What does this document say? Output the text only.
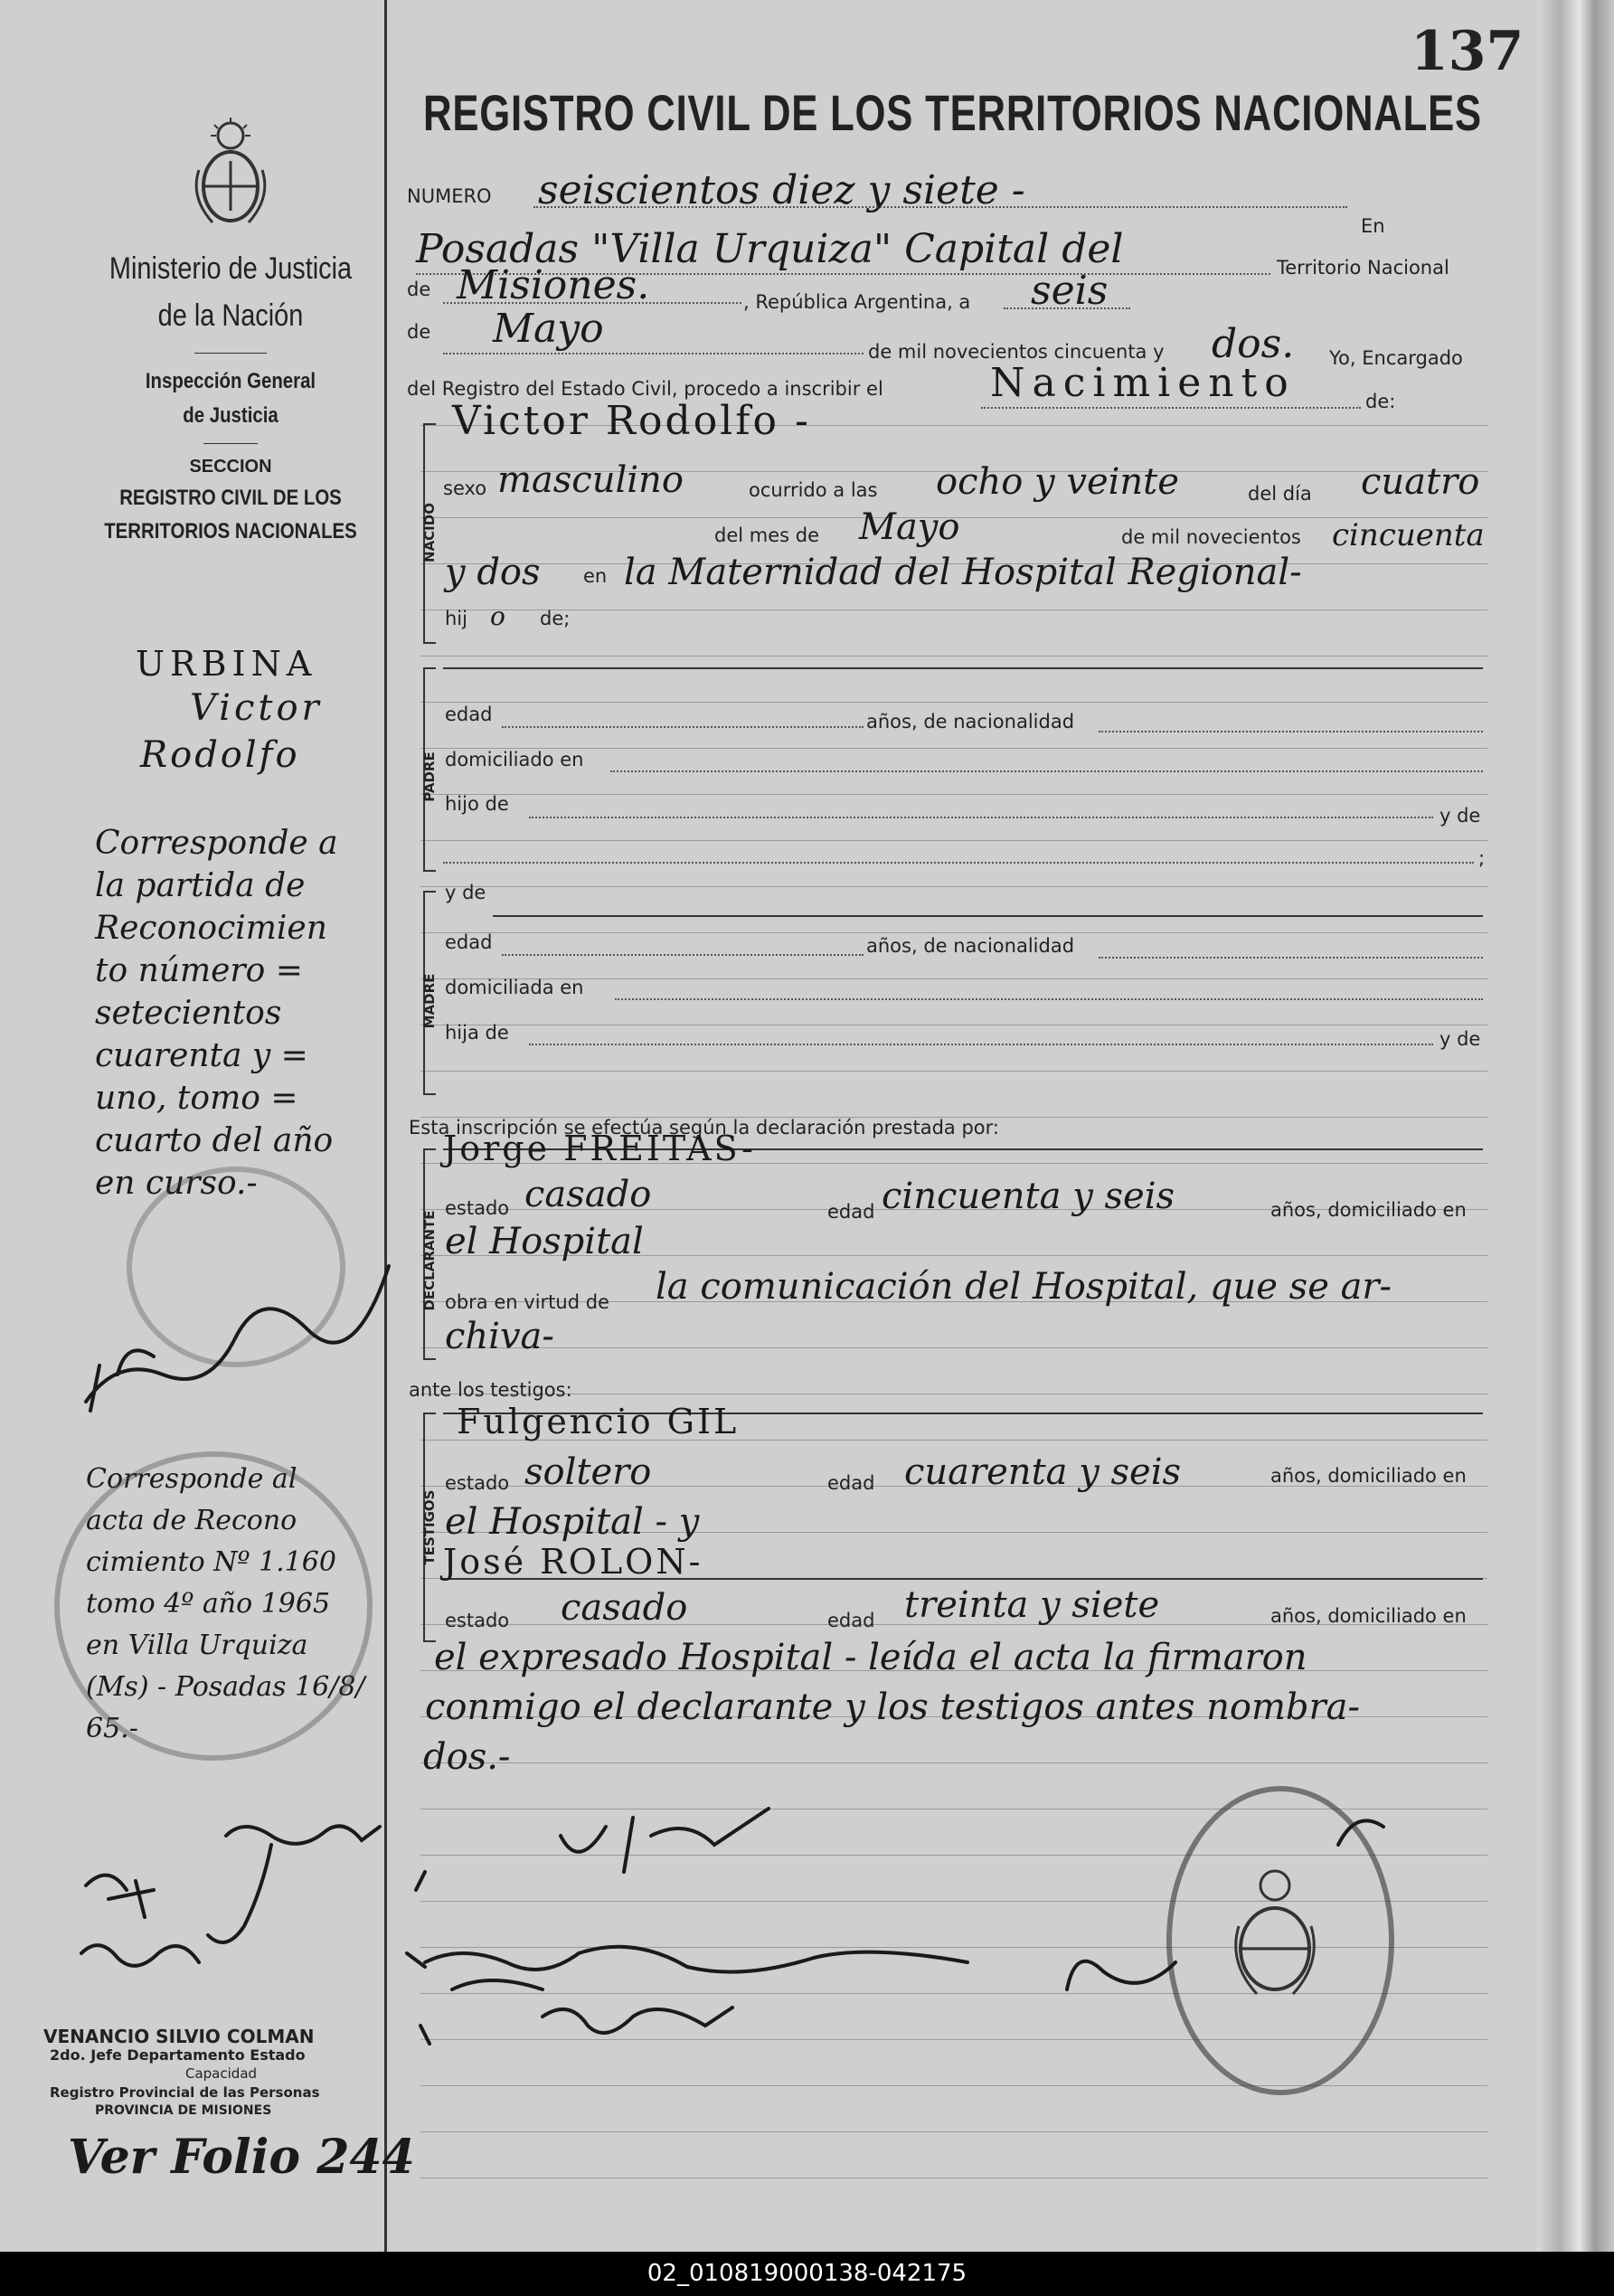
137
Ministerio de Justicia
de la Nación
Inspección General
de Justicia
SECCION
REGISTRO CIVIL DE LOS
TERRITORIOS NACIONALES
REGISTRO CIVIL DE LOS TERRITORIOS NACIONALES
NUMERO seiscientos diez y siete -
En
Posadas "Villa Urquiza" Capital del	Territorio Nacional
de Misiones.	, República Argentina, a seis
de Mayo	de mil novecientos cincuenta y dos. Yo, Encargado
del Registro del Estado Civil, procedo a inscribir el	Nacimiento	de:
NACIDO
Victor Rodolfo -
sexo masculino	ocurrido a las ocho y veinte	del día cuatro
del mes de Mayo	de mil novecientos cincuenta
y dos en la Maternidad del Hospital Regional-
hij o de;
PADRE
edad	años, de nacionalidad
domiciliado en
hijo de
y de
;
y de
MADRE
edad	años, de nacionalidad
domiciliada en
hija de	y de
Esta inscripción se efectúa según la declaración prestada por:
DECLARANTE
Jorge FREITAS-
estado casado	edad cincuenta y seis	años, domiciliado en
el Hospital
obra en virtud de la comunicación del Hospital, que se ar-
chiva-
ante los testigos:
TESTIGOS
Fulgencio GIL
estado soltero	edad cuarenta y seis	años, domiciliado en
el Hospital - y
José ROLON-
estado casado	edad treinta y siete	años, domiciliado en
el expresado Hospital - leída el acta la firmaron
conmigo el declarante y los testigos antes nombra-
dos.-
URBINA
Victor
Rodolfo
Corresponde a
la partida de
Reconocimien
to número =
setecientos
cuarenta y =
uno, tomo =
cuarto del año
en curso.-
Corresponde al
acta de Recono
cimiento Nº 1.160
tomo 4º año 1965
en Villa Urquiza
(Ms) - Posadas 16/8/
65.-
VENANCIO SILVIO COLMAN
2do. Jefe Departamento Estado
Capacidad
Registro Provincial de las Personas
PROVINCIA DE MISIONES
Ver Folio 244
02_010819000138-042175
